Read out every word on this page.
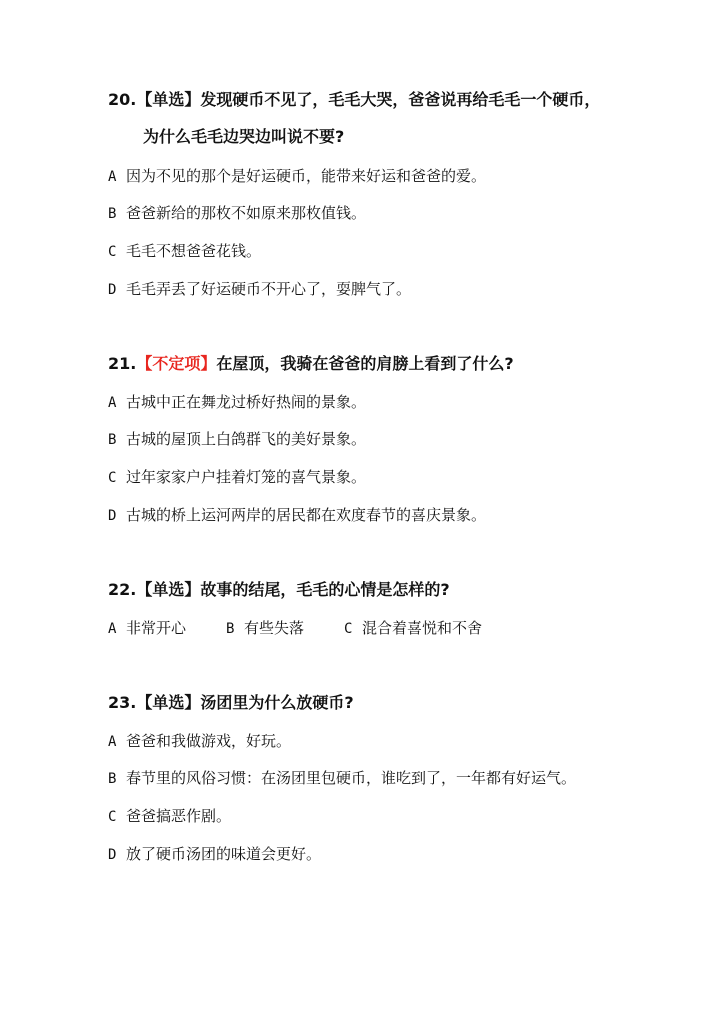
20.【单选】发现硬币不见了，毛毛大哭，爸爸说再给毛毛一个硬币，
为什么毛毛边哭边叫说不要?
A 因为不见的那个是好运硬币，能带来好运和爸爸的爱。
B 爸爸新给的那枚不如原来那枚值钱。
C 毛毛不想爸爸花钱。
D 毛毛弄丢了好运硬币不开心了，耍脾气了。
21.【不定项】在屋顶，我骑在爸爸的肩膀上看到了什么?
A 古城中正在舞龙过桥好热闹的景象。
B 古城的屋顶上白鸽群飞的美好景象。
C 过年家家户户挂着灯笼的喜气景象。
D 古城的桥上运河两岸的居民都在欢度春节的喜庆景象。
22.【单选】故事的结尾，毛毛的心情是怎样的?
A 非常开心	B 有些失落	C 混合着喜悦和不舍
23.【单选】汤团里为什么放硬币?
A 爸爸和我做游戏，好玩。
B 春节里的风俗习惯：在汤团里包硬币，谁吃到了，一年都有好运气。
C 爸爸搞恶作剧。
D 放了硬币汤团的味道会更好。
